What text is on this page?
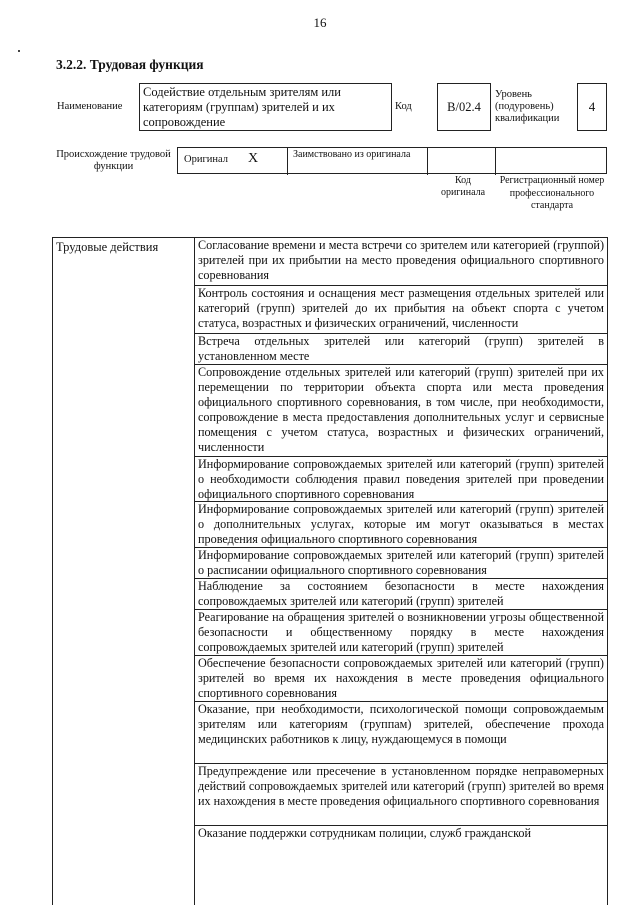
16
3.2.2. Трудовая функция
Наименование
Содействие отдельным зрителям или категориям (группам) зрителей и их сопровождение
Код	В/02.4
Уровень (подуровень) квалификации
4
Происхождение трудовой функции
Оригинал X	Заимствовано из оригинала
Код оригинала
Регистрационный номер профессионального стандарта
Трудовые действия	Согласование времени и места встречи со зрителем или категорией (группой) зрителей при их прибытии на место проведения официального спортивного соревнования
Контроль состояния и оснащения мест размещения отдельных зрителей или категорий (групп) зрителей до их прибытия на объект спорта с учетом статуса, возрастных и физических ограничений, численности
Встреча отдельных зрителей или категорий (групп) зрителей в установленном месте
Сопровождение отдельных зрителей или категорий (групп) зрителей при их перемещении по территории объекта спорта или места проведения официального спортивного соревнования, в том числе, при необходимости, сопровождение в места предоставления дополнительных услуг и сервисные помещения с учетом статуса, возрастных и физических ограничений, численности
Информирование сопровождаемых зрителей или категорий (групп) зрителей о необходимости соблюдения правил поведения зрителей при проведении официального спортивного соревнования
Информирование сопровождаемых зрителей или категорий (групп) зрителей о дополнительных услугах, которые им могут оказываться в местах проведения официального спортивного соревнования
Информирование сопровождаемых зрителей или категорий (групп) зрителей о расписании официального спортивного соревнования
Наблюдение за состоянием безопасности в месте нахождения сопровождаемых зрителей или категорий (групп) зрителей
Реагирование на обращения зрителей о возникновении угрозы общественной безопасности и общественному порядку в месте нахождения сопровождаемых зрителей или категорий (групп) зрителей
Обеспечение безопасности сопровождаемых зрителей или категорий (групп) зрителей во время их нахождения в месте проведения официального спортивного соревнования
Оказание, при необходимости, психологической помощи сопровождаемым зрителям или категориям (группам) зрителей, обеспечение прохода медицинских работников к лицу, нуждающемуся в помощи
Предупреждение или пресечение в установленном порядке неправомерных действий сопровождаемых зрителей или категорий (групп) зрителей во время их нахождения в месте проведения официального спортивного соревнования
Оказание поддержки сотрудникам полиции, служб гражданской
